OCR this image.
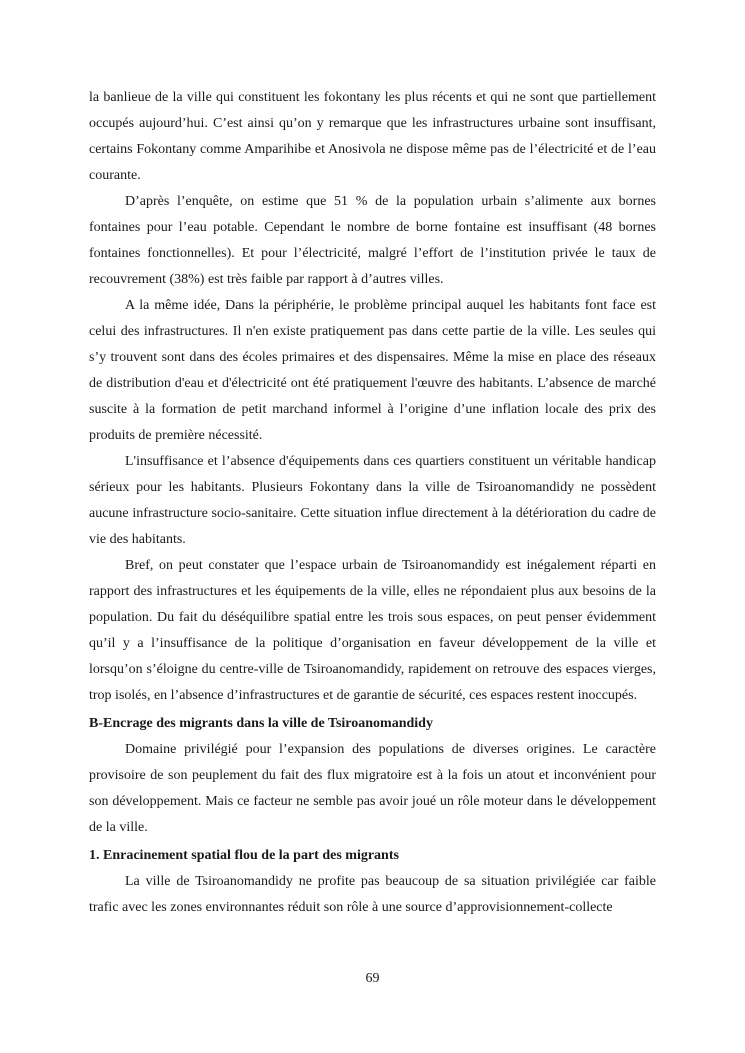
la banlieue de la ville qui constituent les fokontany les plus récents et qui ne sont que partiellement occupés aujourd’hui. C’est ainsi qu’on y remarque que les infrastructures urbaine sont insuffisant, certains Fokontany comme Amparihibe et Anosivola ne dispose même pas de l’électricité et de l’eau courante.

D’après l’enquête, on estime que 51 % de la population urbain s’alimente aux bornes fontaines pour l’eau potable. Cependant le nombre de borne fontaine est insuffisant (48 bornes fontaines fonctionnelles). Et pour l’électricité, malgré l’effort de l’institution privée le taux de recouvrement (38%) est très faible par rapport à d’autres villes.

A la même idée, Dans la périphérie, le problème principal auquel les habitants font face est celui des infrastructures. Il n'en existe pratiquement pas dans cette partie de la ville. Les seules qui s’y trouvent sont dans des écoles primaires et des dispensaires. Même la mise en place des réseaux de distribution d'eau et d'électricité ont été pratiquement l'œuvre des habitants. L’absence de marché suscite à la formation de petit marchand informel à l’origine d’une inflation locale des prix des produits de première nécessité.

L'insuffisance et l’absence d'équipements dans ces quartiers constituent un véritable handicap sérieux pour les habitants. Plusieurs Fokontany dans la ville de Tsiroanomandidy ne possèdent aucune infrastructure socio-sanitaire. Cette situation influe directement à la détérioration du cadre de vie des habitants.

Bref, on peut constater que l’espace urbain de Tsiroanomandidy est inégalement réparti en rapport des infrastructures et les équipements de la ville, elles ne répondaient plus aux besoins de la population. Du fait du déséquilibre spatial entre les trois sous espaces, on peut penser évidemment qu’il y a l’insuffisance de la politique d’organisation en faveur développement de la ville et lorsqu’on s’éloigne du centre-ville de Tsiroanomandidy, rapidement on retrouve des espaces vierges, trop isolés, en l’absence d’infrastructures et de garantie de sécurité, ces espaces restent inoccupés.

B-Encrage des migrants dans la ville de Tsiroanomandidy

Domaine privilégié pour l’expansion des populations de diverses origines. Le caractère provisoire de son peuplement du fait des flux migratoire est à la fois un atout et inconvénient pour son développement. Mais ce facteur ne semble pas avoir joué un rôle moteur dans le développement de la ville.

1. Enracinement spatial flou de la part des migrants

La ville de Tsiroanomandidy ne profite pas beaucoup de sa situation privilégiée car faible trafic avec les zones environnantes réduit son rôle à une source d’approvisionnement-collecte

69
